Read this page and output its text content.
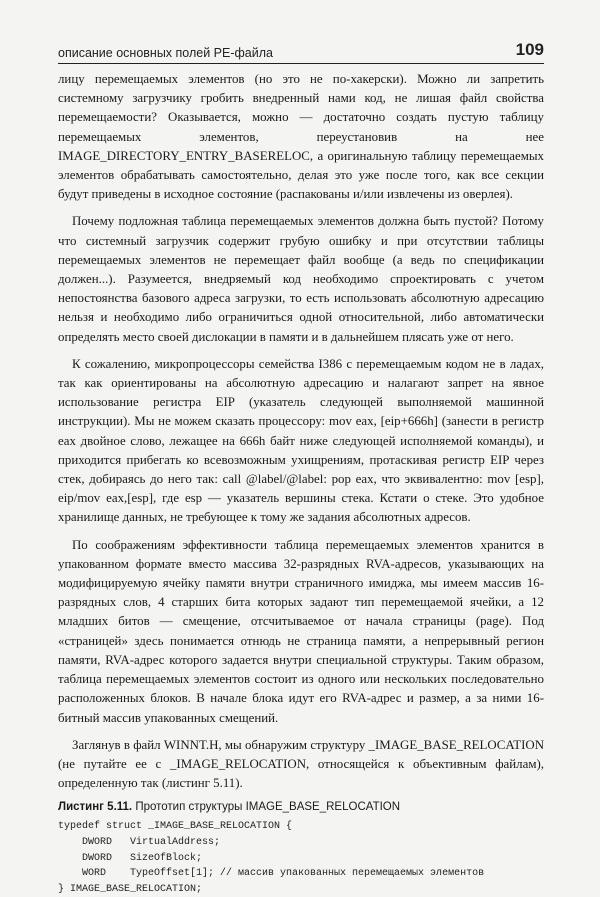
описание основных полей PE-файла	109

лицу перемещаемых элементов (но это не по-хакерски). Можно ли запретить системному загрузчику гробить внедренный нами код, не лишая файл свойства перемещаемости? Оказывается, можно — достаточно создать пустую таблицу перемещаемых элементов, переустановив на нее IMAGE_DIRECTORY_ENTRY_BASERELOC, а оригинальную таблицу перемещаемых элементов обрабатывать самостоятельно, делая это уже после того, как все секции будут приведены в исходное состояние (распакованы и/или извлечены из оверлея).

Почему подложная таблица перемещаемых элементов должна быть пустой? Потому что системный загрузчик содержит грубую ошибку и при отсутствии таблицы перемещаемых элементов не перемещает файл вообще (а ведь по спецификации должен...). Разумеется, внедряемый код необходимо спроектировать с учетом непостоянства базового адреса загрузки, то есть использовать абсолютную адресацию нельзя и необходимо либо ограничиться одной относительной, либо автоматически определять место своей дислокации в памяти и в дальнейшем плясать уже от него.

К сожалению, микропроцессоры семейства I386 с перемещаемым кодом не в ладах, так как ориентированы на абсолютную адресацию и налагают запрет на явное использование регистра EIP (указатель следующей выполняемой машинной инструкции). Мы не можем сказать процессору: mov eax, [eip+666h] (занести в регистр eax двойное слово, лежащее на 666h байт ниже следующей исполняемой команды), и приходится прибегать ко всевозможным ухищрениям, протаскивая регистр EIP через стек, добираясь до него так: call @label/@label: pop eax, что эквивалентно: mov [esp], eip/mov eax,[esp], где esp — указатель вершины стека. Кстати о стеке. Это удобное хранилище данных, не требующее к тому же задания абсолютных адресов.

По соображениям эффективности таблица перемещаемых элементов хранится в упакованном формате вместо массива 32-разрядных RVA-адресов, указывающих на модифицируемую ячейку памяти внутри страничного имиджа, мы имеем массив 16-разрядных слов, 4 старших бита которых задают тип перемещаемой ячейки, а 12 младших битов — смещение, отсчитываемое от начала страницы (page). Под «страницей» здесь понимается отнюдь не страница памяти, а непрерывный регион памяти, RVA-адрес которого задается внутри специальной структуры. Таким образом, таблица перемещаемых элементов состоит из одного или нескольких последовательно расположенных блоков. В начале блока идут его RVA-адрес и размер, а за ними 16-битный массив упакованных смещений.

Заглянув в файл WINNT.H, мы обнаружим структуру _IMAGE_BASE_RELOCATION (не путайте ее с _IMAGE_RELOCATION, относящейся к объективным файлам), определенную так (листинг 5.11).

Листинг 5.11. Прототип структуры IMAGE_BASE_RELOCATION
typedef struct _IMAGE_BASE_RELOCATION {
DWORD   VirtualAddress;
DWORD   SizeOfBlock;
WORD    TypeOffset[1]; // массив упакованных перемещаемых элементов
} IMAGE_BASE_RELOCATION;
